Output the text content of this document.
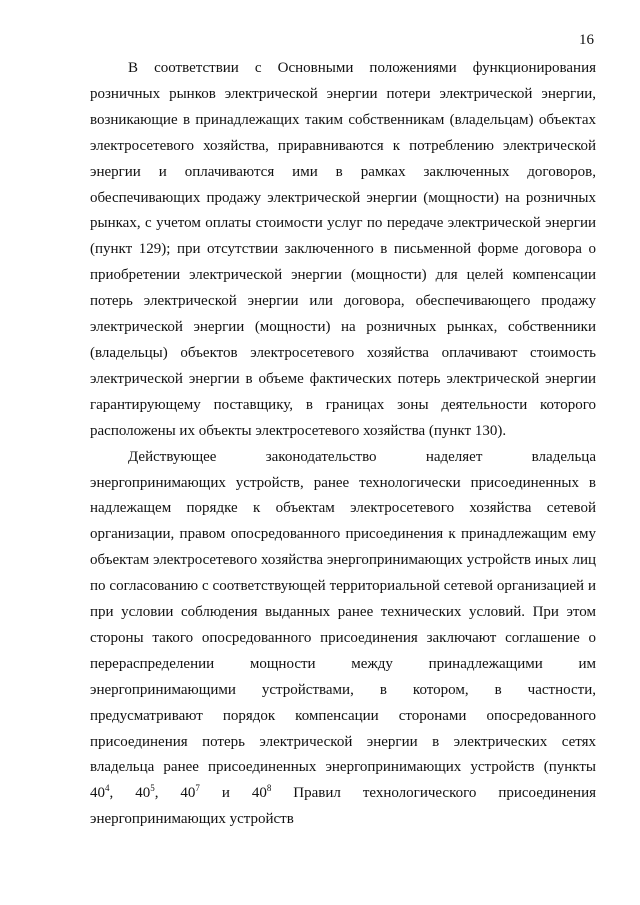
16

В соответствии с Основными положениями функционирования розничных рынков электрической энергии потери электрической энергии, возникающие в принадлежащих таким собственникам (владельцам) объектах электросетевого хозяйства, приравниваются к потреблению электрической энергии и оплачиваются ими в рамках заключенных договоров, обеспечивающих продажу электрической энергии (мощности) на розничных рынках, с учетом оплаты стоимости услуг по передаче электрической энергии (пункт 129); при отсутствии заключенного в письменной форме договора о приобретении электрической энергии (мощности) для целей компенсации потерь электрической энергии или договора, обеспечивающего продажу электрической энергии (мощности) на розничных рынках, собственники (владельцы) объектов электросетевого хозяйства оплачивают стоимость электрической энергии в объеме фактических потерь электрической энергии гарантирующему поставщику, в границах зоны деятельности которого расположены их объекты электросетевого хозяйства (пункт 130).

Действующее законодательство наделяет владельца энергопринимающих устройств, ранее технологически присоединенных в надлежащем порядке к объектам электросетевого хозяйства сетевой организации, правом опосредованного присоединения к принадлежащим ему объектам электросетевого хозяйства энергопринимающих устройств иных лиц по согласованию с соответствующей территориальной сетевой организацией и при условии соблюдения выданных ранее технических условий. При этом стороны такого опосредованного присоединения заключают соглашение о перераспределении мощности между принадлежащими им энергопринимающими устройствами, в котором, в частности, предусматривают порядок компенсации сторонами опосредованного присоединения потерь электрической энергии в электрических сетях владельца ранее присоединенных энергопринимающих устройств (пункты $40^4$, $40^5$, $40^7$ и $40^8$ Правил технологического присоединения энергопринимающих устройств
